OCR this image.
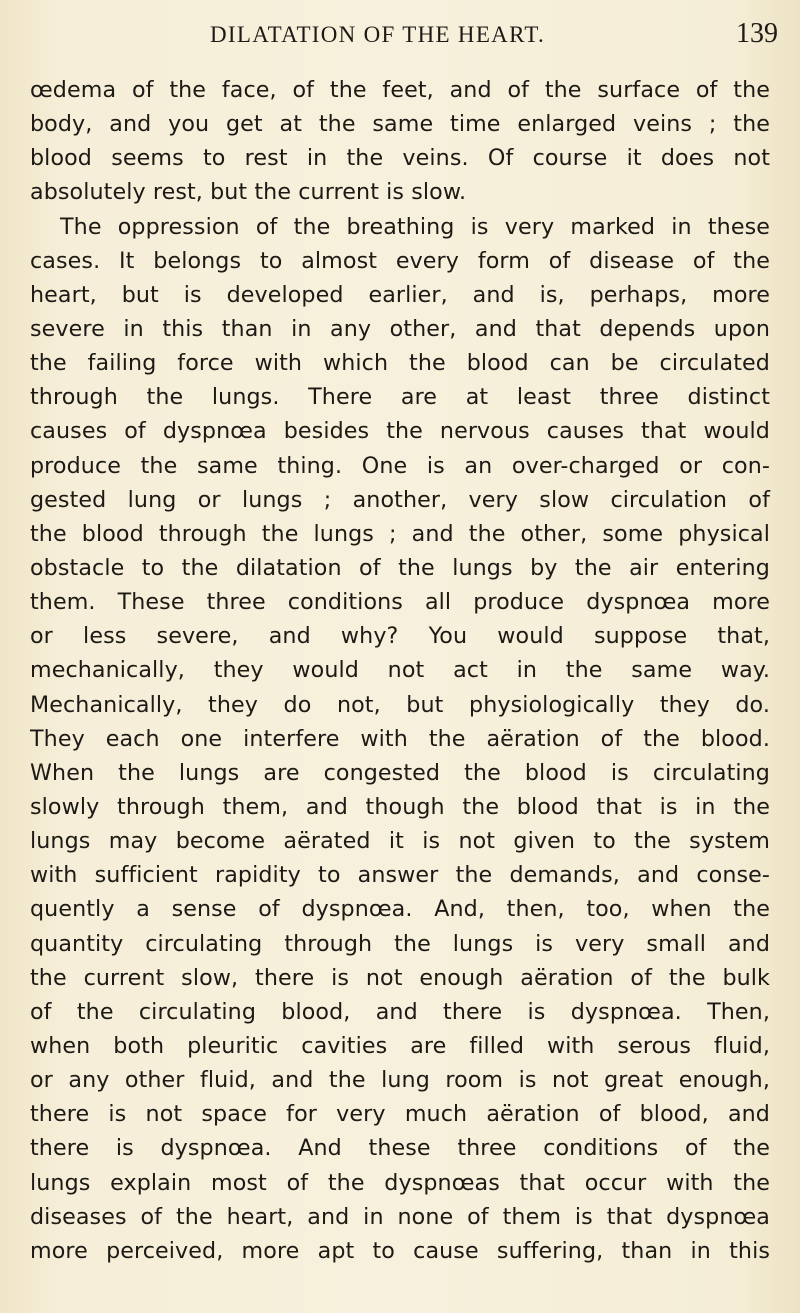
DILATATION OF THE HEART.	139
œdema of the face, of the feet, and of the surface of the
body, and you get at the same time enlarged veins ; the
blood seems to rest in the veins. Of course it does not
absolutely rest, but the current is slow.
The oppression of the breathing is very marked in these
cases. It belongs to almost every form of disease of the
heart, but is developed earlier, and is, perhaps, more
severe in this than in any other, and that depends upon
the failing force with which the blood can be circulated
through the lungs. There are at least three distinct
causes of dyspnœa besides the nervous causes that would
produce the same thing. One is an over-charged or con-
gested lung or lungs ; another, very slow circulation of
the blood through the lungs ; and the other, some physical
obstacle to the dilatation of the lungs by the air entering
them. These three conditions all produce dyspnœa more
or less severe, and why? You would suppose that,
mechanically, they would not act in the same way.
Mechanically, they do not, but physiologically they do.
They each one interfere with the aëration of the blood.
When the lungs are congested the blood is circulating
slowly through them, and though the blood that is in the
lungs may become aërated it is not given to the system
with sufficient rapidity to answer the demands, and conse-
quently a sense of dyspnœa. And, then, too, when the
quantity circulating through the lungs is very small and
the current slow, there is not enough aëration of the bulk
of the circulating blood, and there is dyspnœa. Then,
when both pleuritic cavities are filled with serous fluid,
or any other fluid, and the lung room is not great enough,
there is not space for very much aëration of blood, and
there is dyspnœa. And these three conditions of the
lungs explain most of the dyspnœas that occur with the
diseases of the heart, and in none of them is that dyspnœa
more perceived, more apt to cause suffering, than in this
